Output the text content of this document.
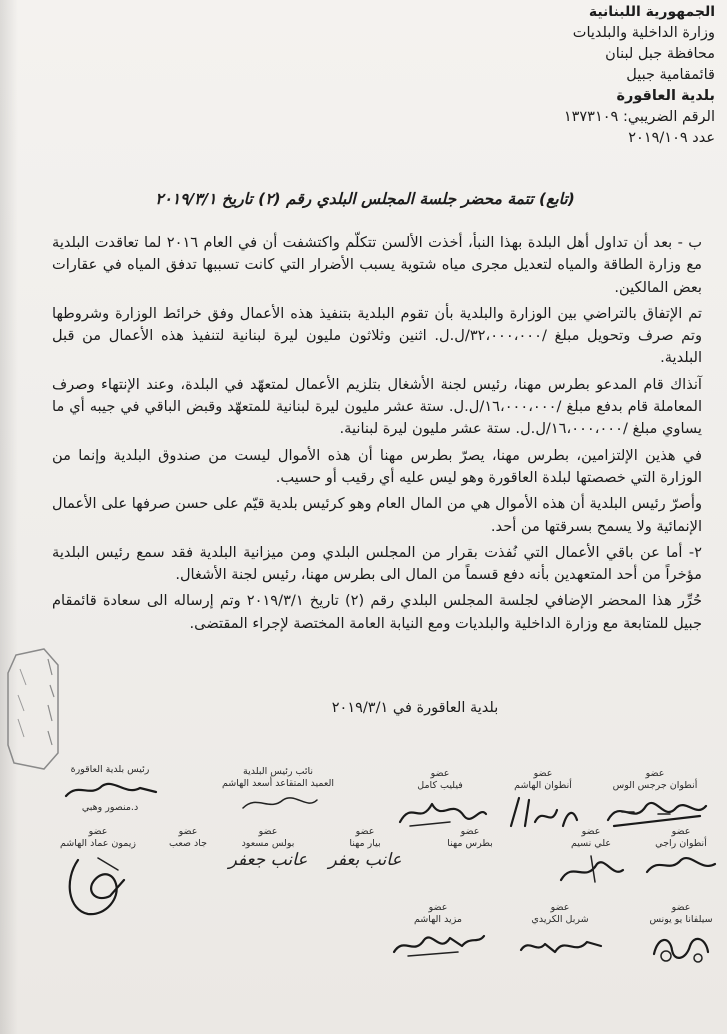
الجمهورية اللبنانية
وزارة الداخلية والبلديات
محافظة جبل لبنان
قائمقامية جبيل
بلدية العاقورة
الرقم الضريبي: ١٣٧٣١٠٩
عدد ٢٠١٩/١٠٩
(تابع) تتمة محضر جلسة المجلس البلدي رقم (٢) تاريخ ٢٠١٩/٣/١

ب - بعد أن تداول أهل البلدة بهذا النبأ، أخذت الألسن تتكلّم واكتشفت أن في العام ٢٠١٦ لما تعاقدت البلدية مع وزارة الطاقة والمياه لتعديل مجرى مياه شتوية يسبب الأضرار التي كانت تسببها تدفق المياه في عقارات بعض المالكين.

تم الإتفاق بالتراضي بين الوزارة والبلدية بأن تقوم البلدية بتنفيذ هذه الأعمال وفق خرائط الوزارة وشروطها وتم صرف وتحويل مبلغ /٣٢،٠٠٠،٠٠٠/ل.ل. اثنين وثلاثون مليون ليرة لبنانية لتنفيذ هذه الأعمال من قبل البلدية.

آنذاك قام المدعو بطرس مهنا، رئيس لجنة الأشغال بتلزيم الأعمال لمتعهّد في البلدة، وعند الإنتهاء وصرف المعاملة قام بدفع مبلغ /١٦،٠٠٠،٠٠٠/ل.ل. ستة عشر مليون ليرة لبنانية للمتعهّد وقبض الباقي في جيبه أي ما يساوي مبلغ /١٦،٠٠٠،٠٠٠/ل.ل. ستة عشر مليون ليرة لبنانية.

في هذين الإلتزامين، بطرس مهنا، يصرّ بطرس مهنا أن هذه الأموال ليست من صندوق البلدية وإنما من الوزارة التي خصصتها لبلدة العاقورة وهو ليس عليه أي رقيب أو حسيب.

وأصرّ رئيس البلدية أن هذه الأموال هي من المال العام وهو كرئيس بلدية قيّم على حسن صرفها على الأعمال الإنمائية ولا يسمح بسرقتها من أحد.

٢- أما عن باقي الأعمال التي نُفذت بقرار من المجلس البلدي ومن ميزانية البلدية فقد سمع رئيس البلدية مؤخراً من أحد المتعهدين بأنه دفع قسماً من المال الى بطرس مهنا، رئيس لجنة الأشغال.

حُرِّر هذا المحضر الإضافي لجلسة المجلس البلدي رقم (٢) تاريخ ٢٠١٩/٣/١ وتم إرساله الى سعادة قائمقام جبيل للمتابعة مع وزارة الداخلية والبلديات ومع النيابة العامة المختصة لإجراء المقتضى.

بلدية العاقورة في ٢٠١٩/٣/١
عضو
أنطوان جرجس الوس
عضو
أنطوان الهاشم
عضو
فيليب كامل
نائب رئيس البلدية
العميد المتقاعد أسعد الهاشم
رئيس بلدية العاقورة
د.منصور وهبي
عضو
أنطوان راجي
عضو
علي نسيم
عضو
بطرس مهنا
عضو
بيار مهنا
عانب بعفر
عضو
بولس مسعود
عانب جعفر
عضو
جاد صعب
عضو
زيمون عماد الهاشم
عضو
سيلفانا يو يونس
عضو
شربل الكريدي
عضو
مزيد الهاشم
